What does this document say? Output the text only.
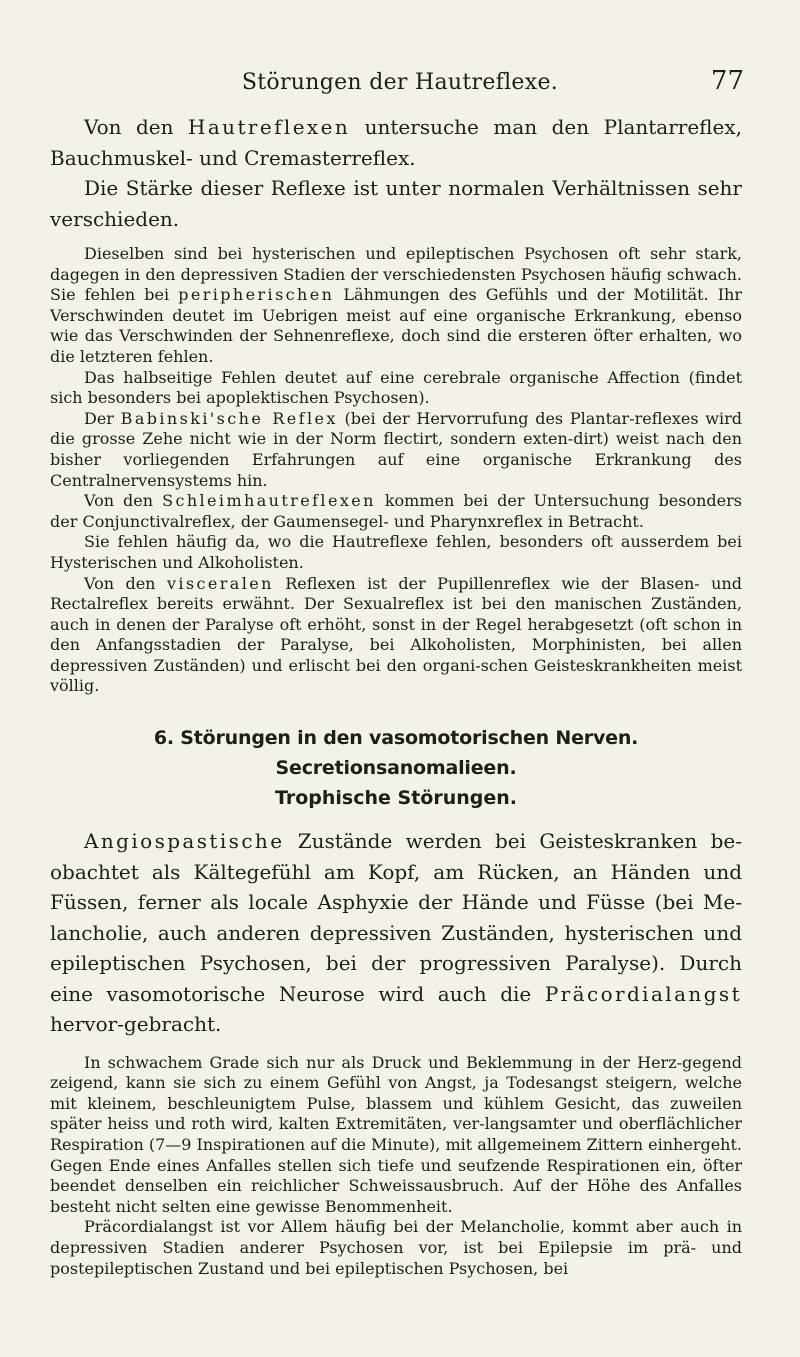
Störungen der Hautreflexe.	77

Von den Hautreflexen untersuche man den Plantarreflex, Bauchmuskel- und Cremasterreflex.

Die Stärke dieser Reflexe ist unter normalen Verhältnissen sehr verschieden.

Dieselben sind bei hysterischen und epileptischen Psychosen oft sehr stark, dagegen in den depressiven Stadien der verschiedensten Psychosen häufig schwach. Sie fehlen bei peripherischen Lähmungen des Gefühls und der Motilität. Ihr Verschwinden deutet im Uebrigen meist auf eine organische Erkrankung, ebenso wie das Verschwinden der Sehnenreflexe, doch sind die ersteren öfter erhalten, wo die letzteren fehlen.

Das halbseitige Fehlen deutet auf eine cerebrale organische Affection (findet sich besonders bei apoplektischen Psychosen).

Der Babinski'sche Reflex (bei der Hervorrufung des Plantar-reflexes wird die grosse Zehe nicht wie in der Norm flectirt, sondern exten-dirt) weist nach den bisher vorliegenden Erfahrungen auf eine organische Erkrankung des Centralnervensystems hin.

Von den Schleimhautreflexen kommen bei der Untersuchung besonders der Conjunctivalreflex, der Gaumensegel- und Pharynxreflex in Betracht.

Sie fehlen häufig da, wo die Hautreflexe fehlen, besonders oft ausserdem bei Hysterischen und Alkoholisten.

Von den visceralen Reflexen ist der Pupillenreflex wie der Blasen- und Rectalreflex bereits erwähnt. Der Sexualreflex ist bei den manischen Zuständen, auch in denen der Paralyse oft erhöht, sonst in der Regel herabgesetzt (oft schon in den Anfangsstadien der Paralyse, bei Alkoholisten, Morphinisten, bei allen depressiven Zuständen) und erlischt bei den organi-schen Geisteskrankheiten meist völlig.

6. Störungen in den vasomotorischen Nerven. Secretionsanomalieen.
Trophische Störungen.

Angiospastische Zustände werden bei Geisteskranken be-obachtet als Kältegefühl am Kopf, am Rücken, an Händen und Füssen, ferner als locale Asphyxie der Hände und Füsse (bei Me-lancholie, auch anderen depressiven Zuständen, hysterischen und epileptischen Psychosen, bei der progressiven Paralyse). Durch eine vasomotorische Neurose wird auch die Präcordialangst hervor-gebracht.

In schwachem Grade sich nur als Druck und Beklemmung in der Herz-gegend zeigend, kann sie sich zu einem Gefühl von Angst, ja Todesangst steigern, welche mit kleinem, beschleunigtem Pulse, blassem und kühlem Gesicht, das zuweilen später heiss und roth wird, kalten Extremitäten, ver-langsamter und oberflächlicher Respiration (7—9 Inspirationen auf die Minute), mit allgemeinem Zittern einhergeht. Gegen Ende eines Anfalles stellen sich tiefe und seufzende Respirationen ein, öfter beendet denselben ein reichlicher Schweissausbruch. Auf der Höhe des Anfalles besteht nicht selten eine gewisse Benommenheit.

Präcordialangst ist vor Allem häufig bei der Melancholie, kommt aber auch in depressiven Stadien anderer Psychosen vor, ist bei Epilepsie im prä- und postepileptischen Zustand und bei epileptischen Psychosen, bei
